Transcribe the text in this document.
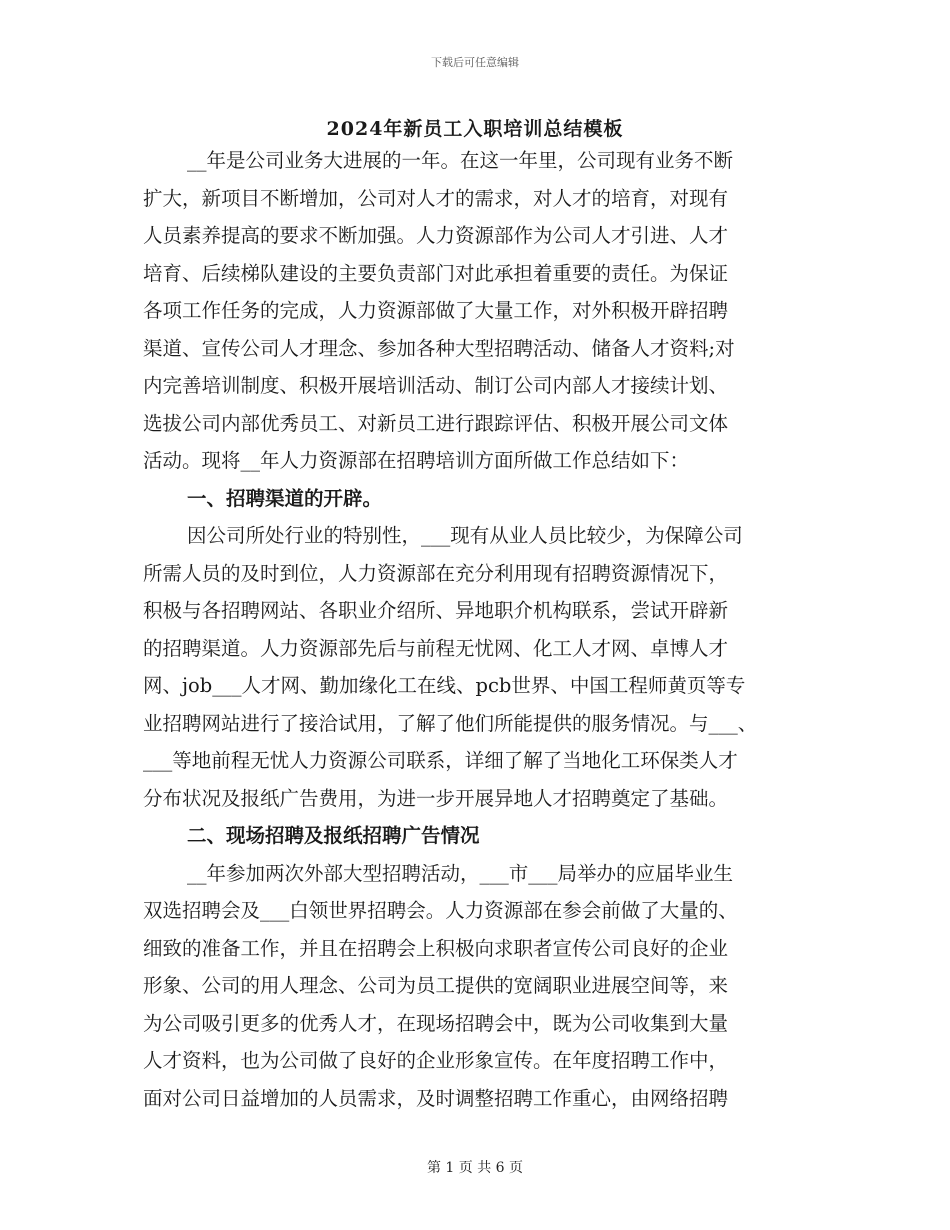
下载后可任意编辑
2024年新员工入职培训总结模板
__年是公司业务大进展的一年。在这一年里，公司现有业务不断
扩大，新项目不断增加，公司对人才的需求，对人才的培育，对现有
人员素养提高的要求不断加强。人力资源部作为公司人才引进、人才
培育、后续梯队建设的主要负责部门对此承担着重要的责任。为保证
各项工作任务的完成，人力资源部做了大量工作，对外积极开辟招聘
渠道、宣传公司人才理念、参加各种大型招聘活动、储备人才资料;对
内完善培训制度、积极开展培训活动、制订公司内部人才接续计划、
选拔公司内部优秀员工、对新员工进行跟踪评估、积极开展公司文体
活动。现将__年人力资源部在招聘培训方面所做工作总结如下：
一、招聘渠道的开辟。
因公司所处行业的特别性，___现有从业人员比较少，为保障公司
所需人员的及时到位，人力资源部在充分利用现有招聘资源情况下，
积极与各招聘网站、各职业介绍所、异地职介机构联系，尝试开辟新
的招聘渠道。人力资源部先后与前程无忧网、化工人才网、卓博人才
网、job___人才网、勤加缘化工在线、pcb世界、中国工程师黄页等专
业招聘网站进行了接洽试用，了解了他们所能提供的服务情况。与___、
___等地前程无忧人力资源公司联系，详细了解了当地化工环保类人才
分布状况及报纸广告费用，为进一步开展异地人才招聘奠定了基础。
二、现场招聘及报纸招聘广告情况
__年参加两次外部大型招聘活动，___市___局举办的应届毕业生
双选招聘会及___白领世界招聘会。人力资源部在参会前做了大量的、
细致的准备工作，并且在招聘会上积极向求职者宣传公司良好的企业
形象、公司的用人理念、公司为员工提供的宽阔职业进展空间等，来
为公司吸引更多的优秀人才，在现场招聘会中，既为公司收集到大量
人才资料，也为公司做了良好的企业形象宣传。在年度招聘工作中，
面对公司日益增加的人员需求，及时调整招聘工作重心，由网络招聘
第 1 页 共 6 页
